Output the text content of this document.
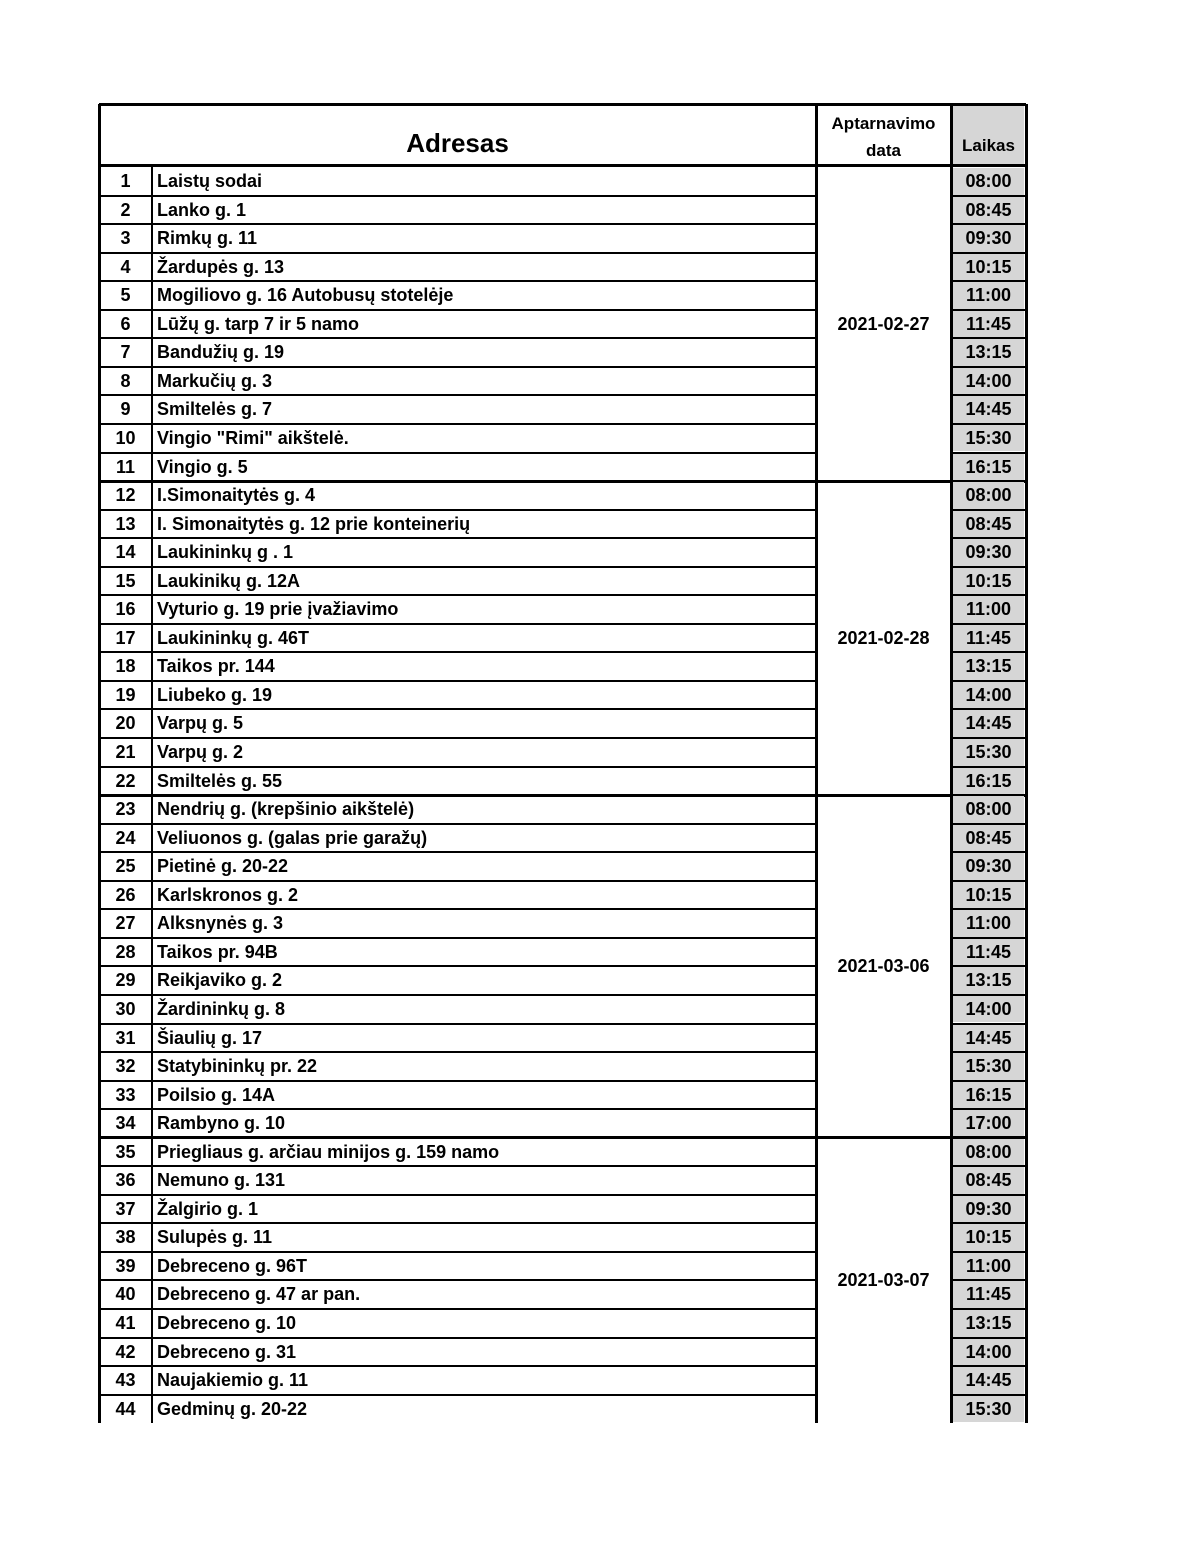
Adresas
Aptarnavimo
data	Laikas
1	Laistų sodai	08:00
2	Lanko g. 1	08:45
3	Rimkų g. 11	09:30
4	Žardupės g. 13	10:15
5	Mogiliovo g. 16 Autobusų stotelėje	11:00
6	Lūžų g. tarp 7 ir 5 namo	11:45
7	Bandužių g. 19	13:15
8	Markučių g. 3	14:00
9	Smiltelės g. 7	14:45
10	Vingio "Rimi" aikštelė.	15:30
11	Vingio g. 5	16:15
2021-02-27
12	I.Simonaitytės g. 4	08:00
13	I. Simonaitytės g. 12 prie konteinerių	08:45
14	Laukininkų g . 1	09:30
15	Laukinikų g. 12A	10:15
16	Vyturio g. 19 prie įvažiavimo	11:00
17	Laukininkų g. 46T	11:45
18	Taikos pr. 144	13:15
19	Liubeko g. 19	14:00
20	Varpų g. 5	14:45
21	Varpų g. 2	15:30
22	Smiltelės g. 55	16:15
2021-02-28
23	Nendrių g. (krepšinio aikštelė)	08:00
24	Veliuonos g. (galas prie garažų)	08:45
25	Pietinė g. 20-22	09:30
26	Karlskronos g. 2	10:15
27	Alksnynės g. 3	11:00
28	Taikos pr. 94B	11:45
29	Reikjaviko g. 2	13:15
30	Žardininkų g. 8	14:00
31	Šiaulių g. 17	14:45
32	Statybininkų pr. 22	15:30
33	Poilsio g. 14A	16:15
34	Rambyno g. 10	17:00
2021-03-06
35	Priegliaus g. arčiau minijos g. 159 namo	08:00
36	Nemuno g. 131	08:45
37	Žalgirio g. 1	09:30
38	Sulupės g. 11	10:15
39	Debreceno g. 96T	11:00
40	Debreceno g. 47 ar pan.	11:45
41	Debreceno g. 10	13:15
42	Debreceno g. 31	14:00
43	Naujakiemio g. 11	14:45
44	Gedminų g. 20-22	15:30
2021-03-07
